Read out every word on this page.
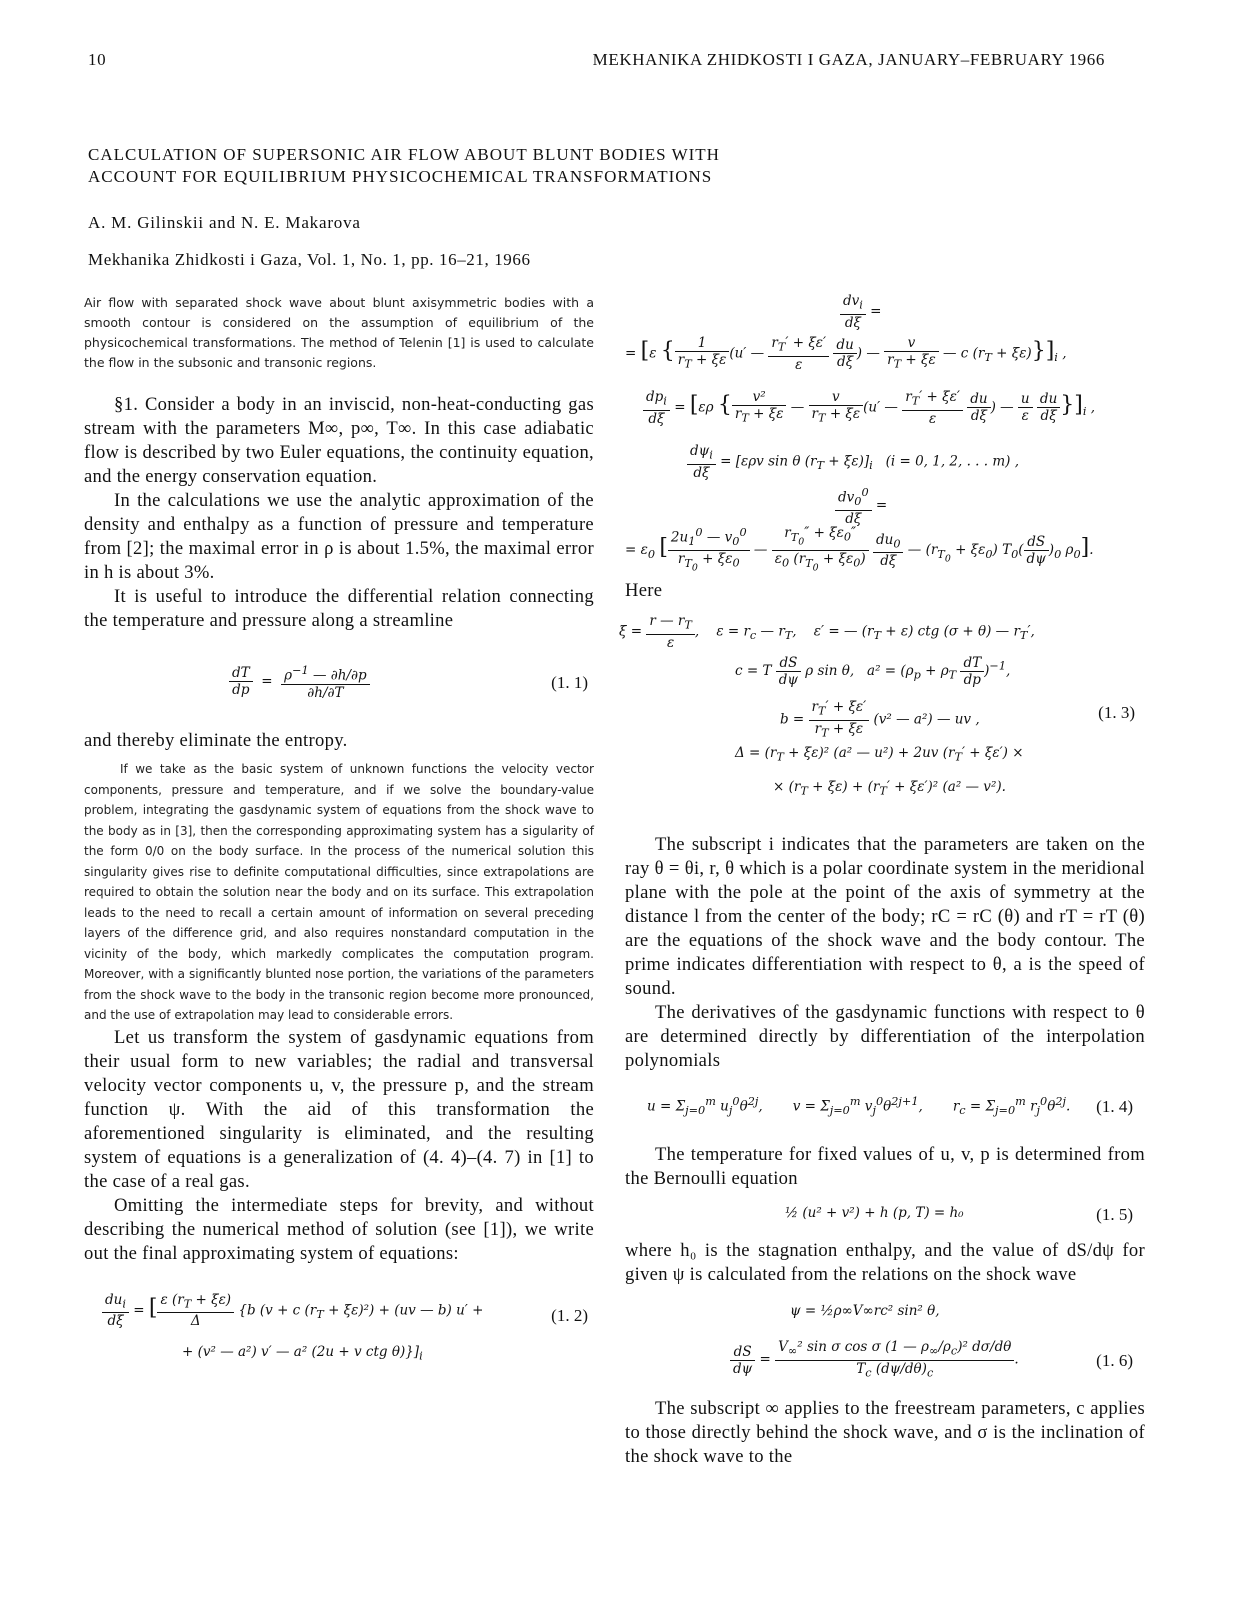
10	MEKHANIKA ZHIDKOSTI I GAZA, JANUARY–FEBRUARY 1966
CALCULATION OF SUPERSONIC AIR FLOW ABOUT BLUNT BODIES WITH
ACCOUNT FOR EQUILIBRIUM PHYSICOCHEMICAL TRANSFORMATIONS
A. M. Gilinskii and N. E. Makarova
Mekhanika Zhidkosti i Gaza, Vol. 1, No. 1, pp. 16–21, 1966

Air flow with separated shock wave about blunt axisymmetric bodies with a smooth contour is considered on the assumption of equilibrium of the physicochemical transformations. The method of Telenin [1] is used to calculate the flow in the subsonic and transonic regions.

§1. Consider a body in an inviscid, non-heat-conducting gas stream with the parameters M∞, p∞, T∞. In this case adiabatic flow is described by two Euler equations, the continuity equation, and the energy conservation equation.

In the calculations we use the analytic approximation of the density and enthalpy as a function of pressure and temperature from [2]; the maximal error in ρ is about 1.5%, the maximal error in h is about 3%.

It is useful to introduce the differential relation connecting the temperature and pressure along a streamline

$\frac{dT}{dp} = \frac{\rho^{-1} — \partial h/\partial p}{\partial h/\partial T}$	(1. 1)

and thereby eliminate the entropy.

If we take as the basic system of unknown functions the velocity vector components, pressure and temperature, and if we solve the boundary-value problem, integrating the gasdynamic system of equations from the shock wave to the body as in [3], then the corresponding approximating system has a sigularity of the form 0/0 on the body surface. In the process of the numerical solution this singularity gives rise to definite computational difficulties, since extrapolations are required to obtain the solution near the body and on its surface. This extrapolation leads to the need to recall a certain amount of information on several preceding layers of the difference grid, and also requires nonstandard computation in the vicinity of the body, which markedly complicates the computation program. Moreover, with a significantly blunted nose portion, the variations of the parameters from the shock wave to the body in the transonic region become more pronounced, and the use of extrapolation may lead to considerable errors.

Let us transform the system of gasdynamic equations from their usual form to new variables; the radial and transversal velocity vector components u, v, the pressure p, and the stream function ψ. With the aid of this transformation the aforementioned singularity is eliminated, and the resulting system of equations is a generalization of (4. 4)–(4. 7) in [1] to the case of a real gas.

Omitting the intermediate steps for brevity, and without describing the numerical method of solution (see [1]), we write out the final approximating system of equations:

$\frac{du_i}{d\xi}$ = [ $\frac{\varepsilon (r_T + \xi\varepsilon)}{\Delta} \{b$ (v + c $(r_T + \xi\varepsilon)^2) + (uv$ — b) u′ +	(1. 2)
+ (v² — a²) v′ — a² (2u + v ctg $\theta)\}]_i$
$\frac{dv_i}{d\xi}$ =
= [ε { $\frac{1}{r_T + \xi\varepsilon} (u'$ — $\frac{r_T' + \xi\varepsilon'}{\varepsilon}$
$\frac{du}{d\xi}$ ) — $\frac{v}{r_T + \xi\varepsilon}$ — c $(r_T + \xi\varepsilon)\}]_i$ ,
$\frac{dp_i}{d\xi} = [\varepsilon\rho$ { $\frac{\text{v²}}{r_T + \xi\varepsilon}$ — $\frac{v}{r_T + \xi\varepsilon} (u'$ — $\frac{r_T' + \xi\varepsilon'}{\varepsilon}$
$\frac{du}{d\xi}$ ) — $\frac{u}{\varepsilon}$
$\frac{du}{d\xi} \}]_i$ ,
$\frac{d\psi_i}{d\xi} = [\varepsilon\rho v$ sin θ $(r_T + \xi\varepsilon)]_i$   (i = 0, 1, 2, . . . m) ,
$\frac{dv_0^0}{d\xi}$ =
= $\varepsilon_0$ [ $\frac{2u_1^0 — v_0^0}{r_{T_0} + \xi\varepsilon_0}$ — $\frac{r_{T_0}'' + \xi\varepsilon_0''}{\varepsilon_0 (r_{T_0} + \xi\varepsilon_0)}$
$\frac{du_0}{d\xi}$ — $(r_{T_0} + \xi\varepsilon_0)$ $T_0( \frac{dS}{d\psi} )_0$ $\rho_0$].

Here

$\xi = \frac{r — r_T}{\varepsilon}$ ,    $\varepsilon = r_c$ — $r_T$,    ε′ = — $(r_T + \varepsilon)$ ctg (σ + θ) — $r_T'$,
c = T $\frac{dS}{d\psi}$ ρ sin θ,   $a^2 = (\rho_p + \rho_T \frac{dT}{dp} )^{-1}$,
$b = \frac{r_T' + \xi\varepsilon'}{r_T + \xi\varepsilon} (v^2$ — a²) — uv ,	(1. 3)
$\Delta = (r_T + \xi\varepsilon)^2$ (a² — u²) + 2uv $(r_T' + \xi\varepsilon')$ ×
× $(r_T + \xi\varepsilon) + (r_T' + \xi\varepsilon')^2$ (a² — v²).

The subscript i indicates that the parameters are taken on the ray θ = θi, r, θ which is a polar coordinate system in the meridional plane with the pole at the point of the axis of symmetry at the distance l from the center of the body; rC = rC (θ) and rT = rT (θ) are the equations of the shock wave and the body contour. The prime indicates differentiation with respect to θ, a is the speed of sound.

The derivatives of the gasdynamic functions with respect to θ are determined directly by differentiation of the interpolation polynomials

$u = \Sigma_{j=0}^m$ $u_j^0\theta^{2j}$,       $v = \Sigma_{j=0}^m$ $v_j^0\theta^{2j+1}$,       $r_c = \Sigma_{j=0}^m$ $r_j^0\theta^{2j}$. (1. 4)

The temperature for fixed values of u, v, p is determined from the Bernoulli equation

½ (u² + v²) + h (p, T) = h₀	(1. 5)

where h₀ is the stagnation enthalpy, and the value of dS/dψ for given ψ is calculated from the relations on the shock wave

ψ = ½ρ∞V∞rc² sin² θ,
$\frac{dS}{d\psi} = \frac{V_\infty^2 \sin \sigma \cos \sigma (1 — \rho_\infty/\rho_c)^2 d\sigma/d\theta}{T_c (d\psi/d\theta)_c}$ .	(1. 6)

The subscript ∞ applies to the freestream parameters, c applies to those directly behind the shock wave, and σ is the inclination of the shock wave to the
